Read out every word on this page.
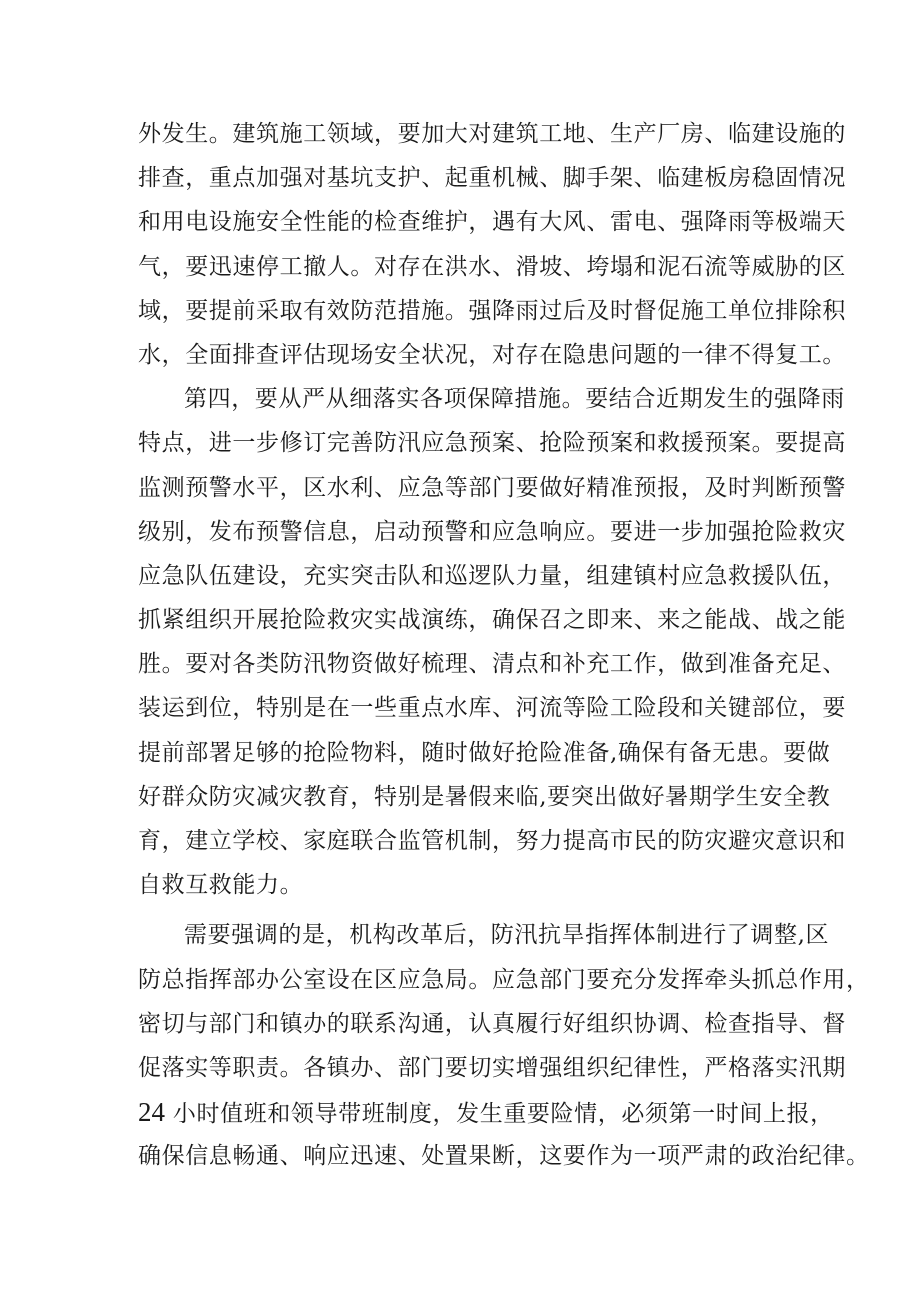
外发生。建筑施工领域，要加大对建筑工地、生产厂房、临建设施的
排查，重点加强对基坑支护、起重机械、脚手架、临建板房稳固情况
和用电设施安全性能的检查维护，遇有大风、雷电、强降雨等极端天
气，要迅速停工撤人。对存在洪水、滑坡、垮塌和泥石流等威胁的区
域，要提前采取有效防范措施。强降雨过后及时督促施工单位排除积
水，全面排查评估现场安全状况，对存在隐患问题的一律不得复工。
第四，要从严从细落实各项保障措施。要结合近期发生的强降雨
特点，进一步修订完善防汛应急预案、抢险预案和救援预案。要提高
监测预警水平，区水利、应急等部门要做好精准预报，及时判断预警
级别，发布预警信息，启动预警和应急响应。要进一步加强抢险救灾
应急队伍建设，充实突击队和巡逻队力量，组建镇村应急救援队伍，
抓紧组织开展抢险救灾实战演练，确保召之即来、来之能战、战之能
胜。要对各类防汛物资做好梳理、清点和补充工作，做到准备充足、
装运到位，特别是在一些重点水库、河流等险工险段和关键部位，要
提前部署足够的抢险物料，随时做好抢险准备,确保有备无患。要做
好群众防灾减灾教育，特别是暑假来临,要突出做好暑期学生安全教
育，建立学校、家庭联合监管机制，努力提高市民的防灾避灾意识和
自救互救能力。
需要强调的是，机构改革后，防汛抗旱指挥体制进行了调整,区
防总指挥部办公室设在区应急局。应急部门要充分发挥牵头抓总作用，
密切与部门和镇办的联系沟通，认真履行好组织协调、检查指导、督
促落实等职责。各镇办、部门要切实增强组织纪律性，严格落实汛期
24 小时值班和领导带班制度，发生重要险情，必须第一时间上报，
确保信息畅通、响应迅速、处置果断，这要作为一项严肃的政治纪律。
